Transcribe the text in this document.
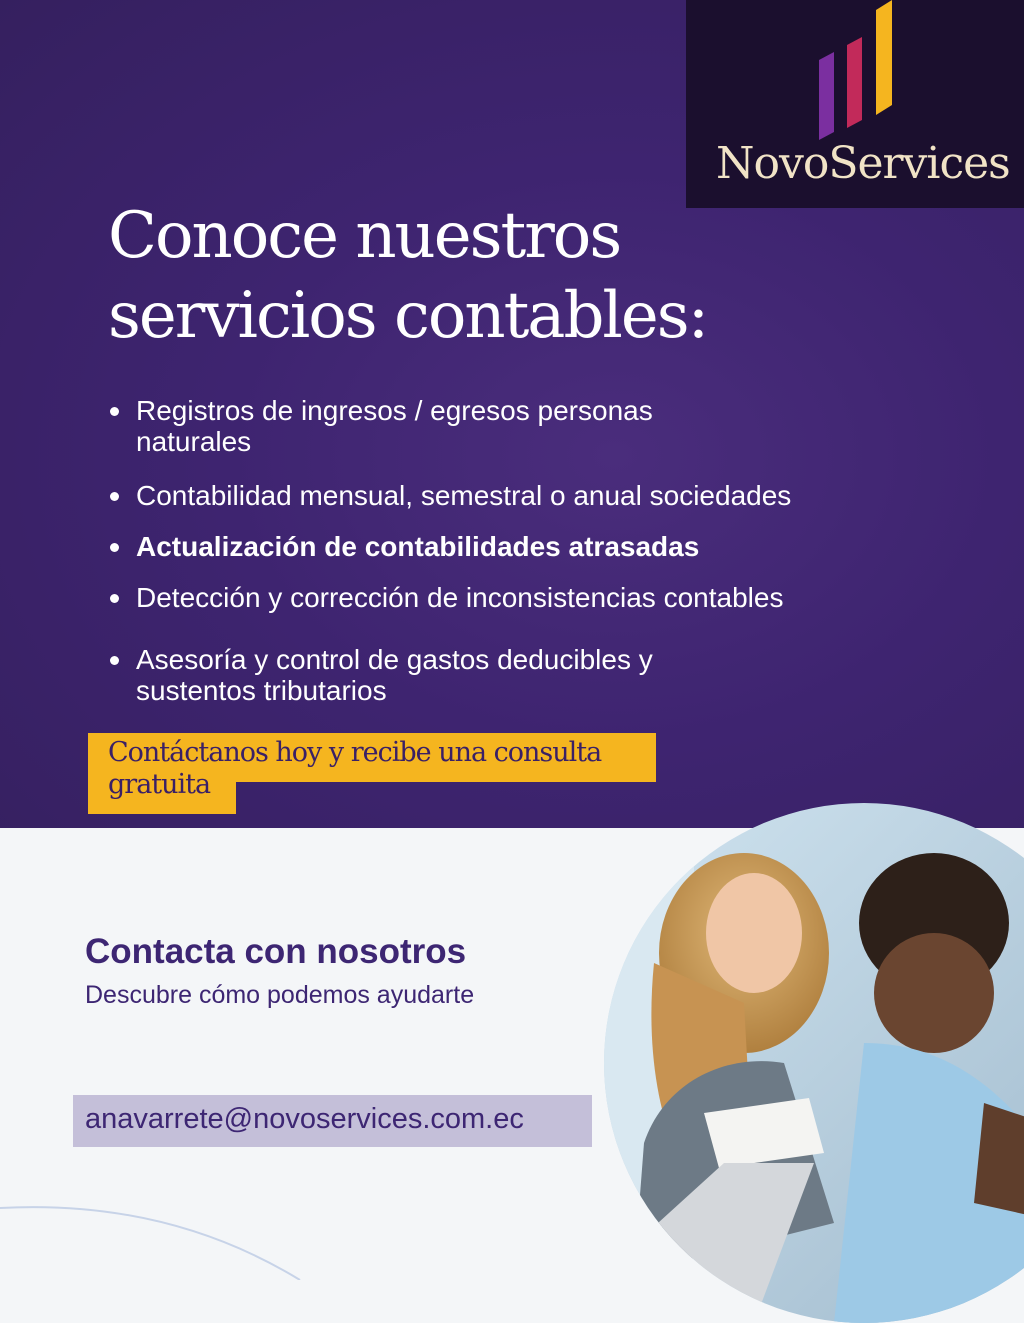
NovoServices
Conoce nuestros
servicios contables:
Registros de ingresos / egresos personas naturales
Contabilidad mensual, semestral o anual sociedades
Actualización de contabilidades atrasadas
Detección y corrección de inconsistencias contables
Asesoría y control de gastos deducibles y sustentos tributarios
Contáctanos hoy y recibe una consulta
gratuita
Contacta con nosotros
Descubre cómo podemos ayudarte
anavarrete@novoservices.com.ec
